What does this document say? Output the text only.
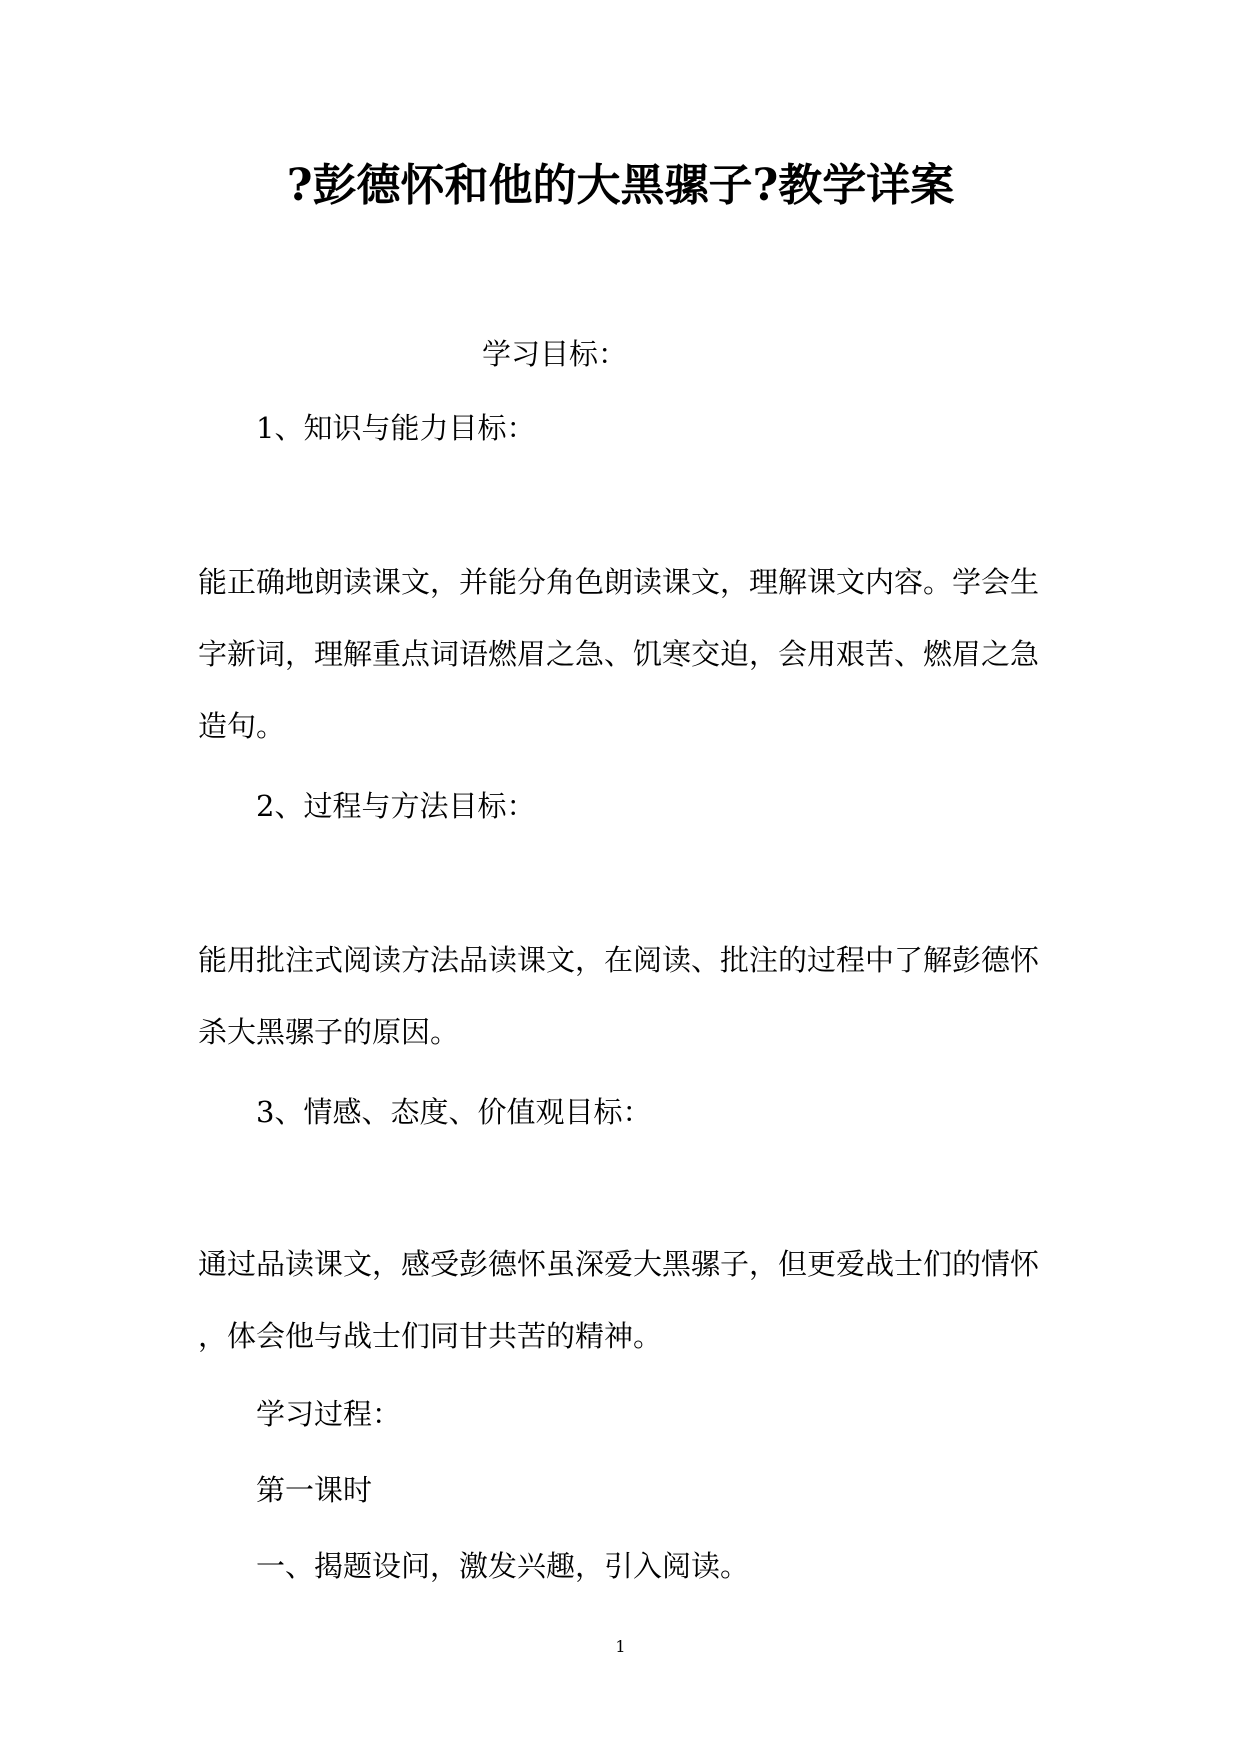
?彭德怀和他的大黑骡子?教学详案
学习目标：
1、知识与能力目标：
能正确地朗读课文，并能分角色朗读课文，理解课文内容。学会生
字新词，理解重点词语燃眉之急、饥寒交迫，会用艰苦、燃眉之急
造句。
2、过程与方法目标：
能用批注式阅读方法品读课文，在阅读、批注的过程中了解彭德怀
杀大黑骡子的原因。
3、情感、态度、价值观目标：
通过品读课文，感受彭德怀虽深爱大黑骡子，但更爱战士们的情怀
，体会他与战士们同甘共苦的精神。
学习过程：
第一课时
一、揭题设问，激发兴趣，引入阅读。
1
